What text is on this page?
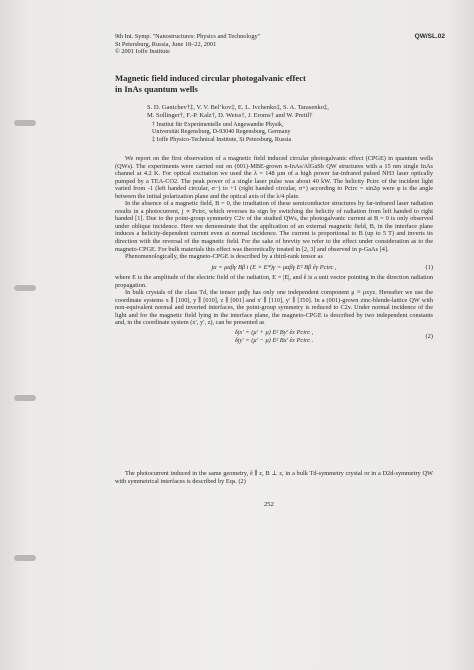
9th Int. Symp. "Nanostructures: Physics and Technology"
St Petersburg, Russia, June 18–22, 2001
© 2001 Ioffe Institute
QW/SL.02
Magnetic field induced circular photogalvanic effect
in InAs quantum wells
S. D. Ganichev†‡, V. V. Bel’kov‡, E. L. Ivchenko‡, S. A. Tarasenko‡,
M. Sollinger†, F.-P. Kalz†, D. Weiss†, J. Eroms† and W. Prettl†
† Institut für Experimentelle und Angewandte Physik,
Universität Regensburg, D-93040 Regensburg, Germany
‡ Ioffe Physico-Technical Institute, St Petersburg, Russia

We report on the first observation of a magnetic field induced circular photogalvanic effect (CPGE) in quantum wells (QWs). The experiments were carried out on (001)-MBE-grown n-InAs/AlGaSb QW structures with a 15 nm single InAs channel at 4.2 K. For optical excitation we used the λ = 148 μm of a high power far-infrared pulsed NH3 laser optically pumped by a TEA-CO2. The peak power of a single laser pulse was about 40 kW. The helicity Pcirc of the incident light varied from -1 (left handed circular, σ−) to +1 (right handed circular, σ+) according to Pcirc = sin2φ were φ is the angle between the initial polarization plane and the optical axis of the λ/4 plate.

In the absence of a magnetic field, B = 0, the irradiation of these semiconductor structures by far-infrared laser radiation results in a photocurrent, j ∝ Pcirc, which reverses its sign by switching the helicity of radiation from left handed to right handed [1]. Due to the point-group symmetry C2v of the studied QWs, the photogalvanic current at B = 0 is only observed under oblique incidence. Here we demonstrate that the application of an external magnetic field, B, in the interface plane induces a helicity-dependent current even at normal incidence. The current is proportional to B (up to 5 T) and inverts its direction with the reversal of the magnetic field. For the sake of brevity we refer to the effect under consideration as to the magneto-CPGE. For bulk materials this effect was theoretically treated in [2, 3] and observed in p-GaAs [4].

Phenomenologically, the magneto-CPGE is described by a third-rank tensor as

jα = μαβγ Bβ i (E × E*)γ = μαβγ E² Bβ êγ Pcirc ,	(1)

where E is the amplitude of the electric field of the radiation, E = |E|, and ê is a unit vector pointing in the direction radiation propagation.

In bulk crystals of the class Td, the tensor μαβγ has only one independent component μ ≡ μxyz. Hereafter we use the coordinate systems x ∥ [100], y ∥ [010], z ∥ [001] and x′ ∥ [110], y′ ∥ [1̄10]. In a (001)-grown zinc-blende-lattice QW with non-equivalent normal and inverted interfaces, the point-group symmetry is reduced to C2v. Under normal incidence of the light and for the magnetic field lying in the interface plane, the magneto-CPGE is described by two independent constants and, in the coordinate system (x′, y′, z), can be presented as

δjx′ = (μ′ + μ) E² By′ êz Pcirc ,
δjy′ = (μ′ − μ) E² Bx′ êz Pcirc .
(2)

The photocurrent induced in the same geometry, ê ∥ z, B ⊥ z, in a bulk Td-symmetry crystal or in a D2d-symmetry QW with symmetrical interfaces is described by Eqs. (2)

252
